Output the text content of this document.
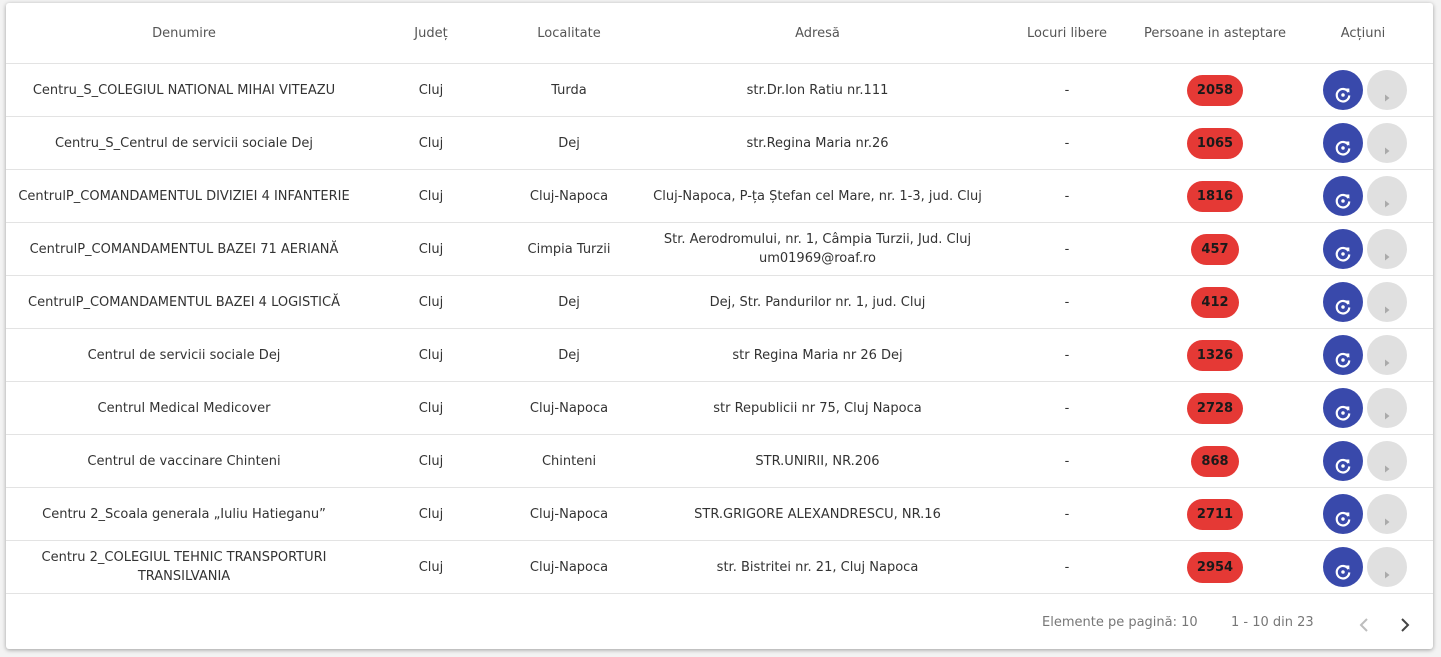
Denumire	Județ	Localitate	Adresă	Locuri libere	Persoane in asteptare	Acțiuni
Centru_S_COLEGIUL NATIONAL MIHAI VITEAZU	Cluj	Turda	str.Dr.Ion Ratiu nr.111	-	2058	

Centru_S_Centrul de servicii sociale Dej	Cluj	Dej	str.Regina Maria nr.26	-	1065	

CentrulP_COMANDAMENTUL DIVIZIEI 4 INFANTERIE	Cluj	Cluj-Napoca	Cluj-Napoca, P-ța Ștefan cel Mare, nr. 1-3, jud. Cluj	-	1816	

CentrulP_COMANDAMENTUL BAZEI 71 AERIANĂ	Cluj	Cimpia Turzii	Str. Aerodromului, nr. 1, Câmpia Turzii, Jud. Cluj um01969@roaf.ro	-	457	

CentrulP_COMANDAMENTUL BAZEI 4 LOGISTICĂ	Cluj	Dej	Dej, Str. Pandurilor nr. 1, jud. Cluj	-	412	

Centrul de servicii sociale Dej	Cluj	Dej	str Regina Maria nr 26 Dej	-	1326	

Centrul Medical Medicover	Cluj	Cluj-Napoca	str Republicii nr 75, Cluj Napoca	-	2728	

Centrul de vaccinare Chinteni	Cluj	Chinteni	STR.UNIRII, NR.206	-	868	

Centru 2_Scoala generala „Iuliu Hatieganu”	Cluj	Cluj-Napoca	STR.GRIGORE ALEXANDRESCU, NR.16	-	2711	

Centru 2_COLEGIUL TEHNIC TRANSPORTURI TRANSILVANIA	Cluj	Cluj-Napoca	str. Bistritei nr. 21, Cluj Napoca	-	2954	
Elemente pe pagină: 10	1 - 10 din 23
